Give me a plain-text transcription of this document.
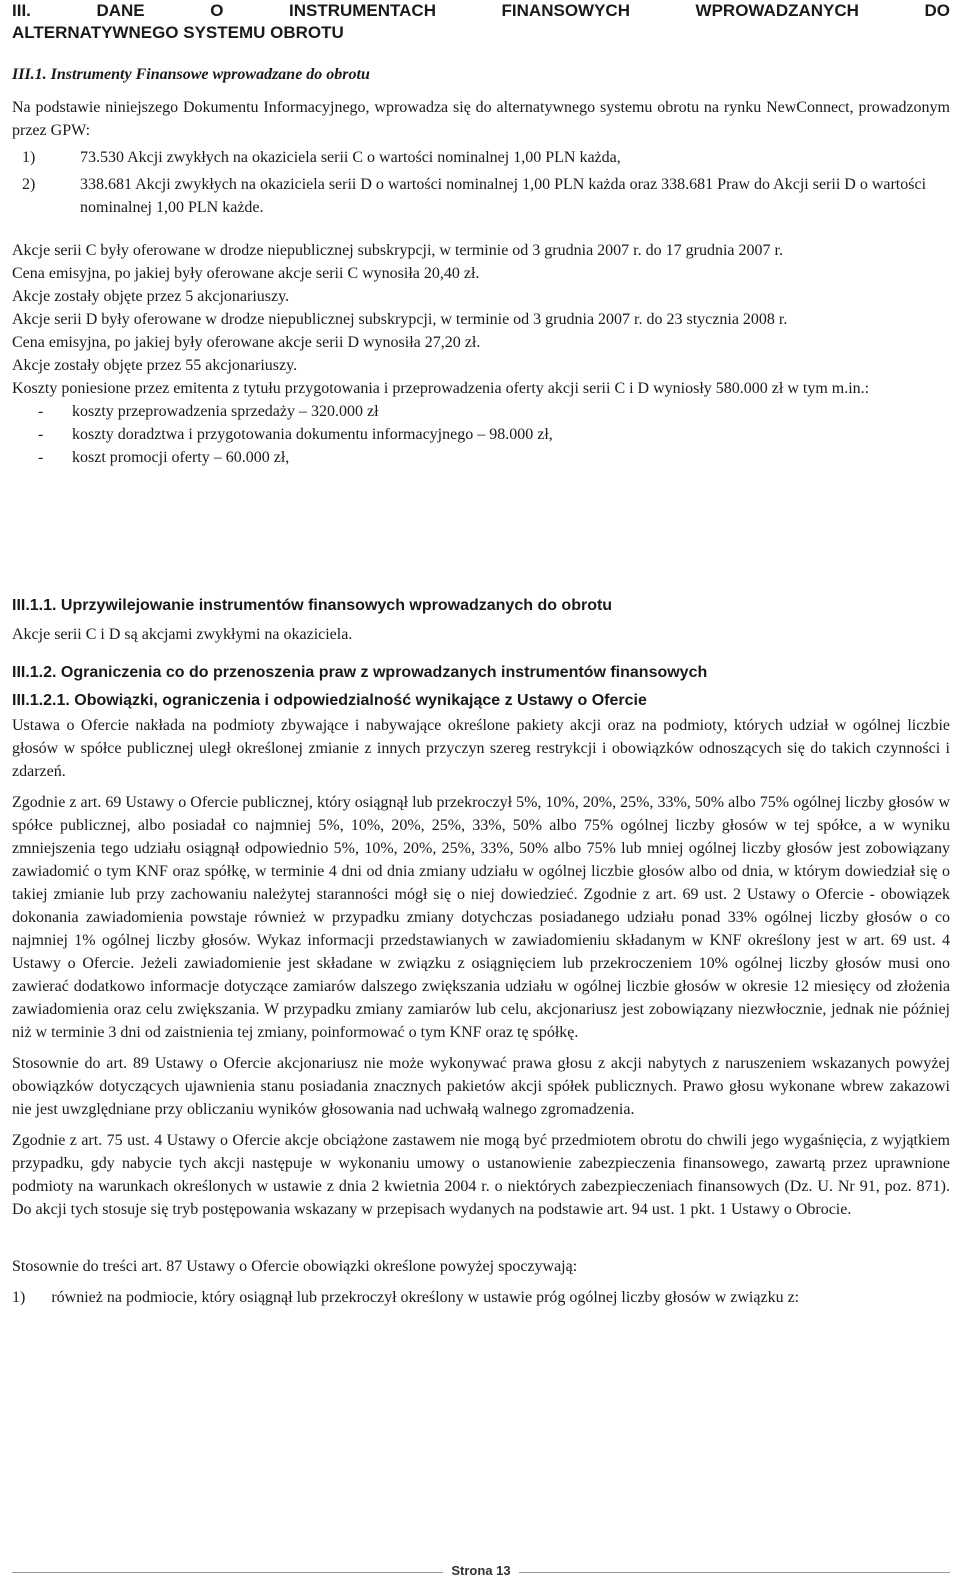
III. DANE O INSTRUMENTACH FINANSOWYCH WPROWADZANYCH DO
ALTERNATYWNEGO SYSTEMU OBROTU
III.1. Instrumenty Finansowe wprowadzane do obrotu

Na podstawie niniejszego Dokumentu Informacyjnego, wprowadza się do alternatywnego systemu obrotu na rynku NewConnect, prowadzonym przez GPW:

1)	73.530 Akcji zwykłych na okaziciela serii C o wartości nominalnej 1,00 PLN każda,
2)	338.681 Akcji zwykłych na okaziciela serii D o wartości nominalnej 1,00 PLN każda oraz 338.681 Praw do Akcji serii D o wartości nominalnej 1,00 PLN każde.

Akcje serii C były oferowane w drodze niepublicznej subskrypcji, w terminie od 3 grudnia 2007 r. do 17 grudnia 2007 r.

Cena emisyjna, po jakiej były oferowane akcje serii C wynosiła 20,40 zł.

Akcje zostały objęte przez 5 akcjonariuszy.

Akcje serii D były oferowane w drodze niepublicznej subskrypcji, w terminie od 3 grudnia 2007 r. do 23 stycznia 2008 r.

Cena emisyjna, po jakiej były oferowane akcje serii D wynosiła 27,20 zł.

Akcje zostały objęte przez 55 akcjonariuszy.

Koszty poniesione przez emitenta z tytułu przygotowania i przeprowadzenia oferty akcji serii C i D wyniosły 580.000 zł w tym m.in.:

- koszty przeprowadzenia sprzedaży – 320.000 zł
- koszty doradztwa i przygotowania dokumentu informacyjnego – 98.000 zł,
- koszt promocji oferty – 60.000 zł,
III.1.1. Uprzywilejowanie instrumentów finansowych wprowadzanych do obrotu

Akcje serii C i D są akcjami zwykłymi na okaziciela.

III.1.2. Ograniczenia co do przenoszenia praw z wprowadzanych instrumentów finansowych
III.1.2.1. Obowiązki, ograniczenia i odpowiedzialność wynikające z Ustawy o Ofercie

Ustawa o Ofercie nakłada na podmioty zbywające i nabywające określone pakiety akcji oraz na podmioty, których udział w ogólnej liczbie głosów w spółce publicznej uległ określonej zmianie z innych przyczyn szereg restrykcji i obowiązków odnoszących się do takich czynności i zdarzeń.

Zgodnie z art. 69 Ustawy o Ofercie publicznej, który osiągnął lub przekroczył 5%, 10%, 20%, 25%, 33%, 50% albo 75% ogólnej liczby głosów w spółce publicznej, albo posiadał co najmniej 5%, 10%, 20%, 25%, 33%, 50% albo 75% ogólnej liczby głosów w tej spółce, a w wyniku zmniejszenia tego udziału osiągnął odpowiednio 5%, 10%, 20%, 25%, 33%, 50% albo 75% lub mniej ogólnej liczby głosów jest zobowiązany zawiadomić o tym KNF oraz spółkę, w terminie 4 dni od dnia zmiany udziału w ogólnej liczbie głosów albo od dnia, w którym dowiedział się o takiej zmianie lub przy zachowaniu należytej staranności mógł się o niej dowiedzieć. Zgodnie z art. 69 ust. 2 Ustawy o Ofercie - obowiązek dokonania zawiadomienia powstaje również w przypadku zmiany dotychczas posiadanego udziału ponad 33% ogólnej liczby głosów o co najmniej 1% ogólnej liczby głosów. Wykaz informacji przedstawianych w zawiadomieniu składanym w KNF określony jest w art. 69 ust. 4 Ustawy o Ofercie. Jeżeli zawiadomienie jest składane w związku z osiągnięciem lub przekroczeniem 10% ogólnej liczby głosów musi ono zawierać dodatkowo informacje dotyczące zamiarów dalszego zwiększania udziału w ogólnej liczbie głosów w okresie 12 miesięcy od złożenia zawiadomienia oraz celu zwiększania. W przypadku zmiany zamiarów lub celu, akcjonariusz jest zobowiązany niezwłocznie, jednak nie później niż w terminie 3 dni od zaistnienia tej zmiany, poinformować o tym KNF oraz tę spółkę.

Stosownie do art. 89 Ustawy o Ofercie akcjonariusz nie może wykonywać prawa głosu z akcji nabytych z naruszeniem wskazanych powyżej obowiązków dotyczących ujawnienia stanu posiadania znacznych pakietów akcji spółek publicznych. Prawo głosu wykonane wbrew zakazowi nie jest uwzględniane przy obliczaniu wyników głosowania nad uchwałą walnego zgromadzenia.

Zgodnie z art. 75 ust. 4 Ustawy o Ofercie akcje obciążone zastawem nie mogą być przedmiotem obrotu do chwili jego wygaśnięcia, z wyjątkiem przypadku, gdy nabycie tych akcji następuje w wykonaniu umowy o ustanowienie zabezpieczenia finansowego, zawartą przez uprawnione podmioty na warunkach określonych w ustawie z dnia 2 kwietnia 2004 r. o niektórych zabezpieczeniach finansowych (Dz. U. Nr 91, poz. 871). Do akcji tych stosuje się tryb postępowania wskazany w przepisach wydanych na podstawie art. 94 ust. 1 pkt. 1 Ustawy o Obrocie.

Stosownie do treści art. 87 Ustawy o Ofercie obowiązki określone powyżej spoczywają:

1) również na podmiocie, który osiągnął lub przekroczył określony w ustawie próg ogólnej liczby głosów w związku z:
Strona 13
